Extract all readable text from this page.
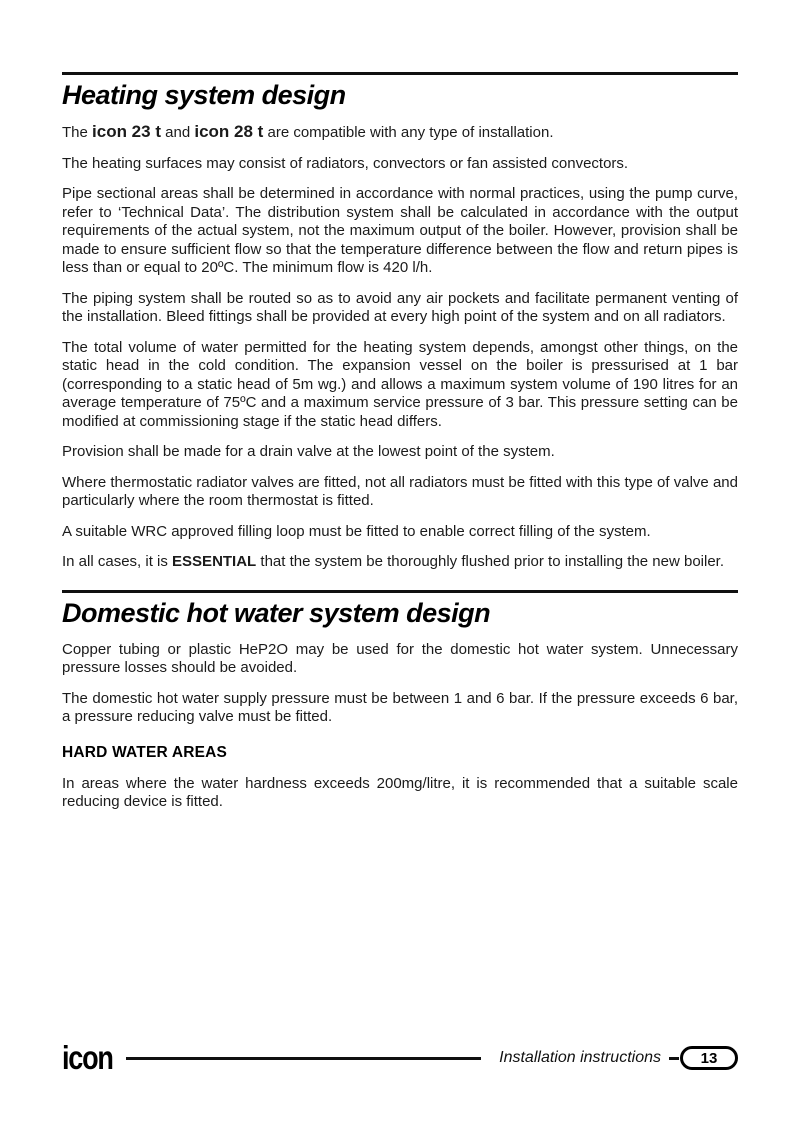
Heating system design

The icon 23 t and icon 28 t are compatible with any type of installation.

The heating surfaces may consist of radiators, convectors or fan assisted convectors.

Pipe sectional areas shall be determined in accordance with normal practices, using the pump curve, refer to ‘Technical Data’. The distribution system shall be calculated in accordance with the output requirements of the actual system, not the maximum output of the boiler. However, provision shall be made to ensure sufficient flow so that the temperature difference between the flow and return pipes is less than or equal to 20ºC. The minimum flow is 420 l/h.

The piping system shall be routed so as to avoid any air pockets and facilitate permanent venting of the installation. Bleed fittings shall be provided at every high point of the system and on all radiators.

The total volume of water permitted for the heating system depends, amongst other things, on the static head in the cold condition. The expansion vessel on the boiler is pressurised at 1 bar (corresponding to a static head of 5m wg.) and allows a maximum system volume of 190 litres for an average temperature of 75ºC and a maximum service pressure of 3 bar. This pressure setting can be modified at commissioning stage if the static head differs.

Provision shall be made for a drain valve at the lowest point of the system.

Where thermostatic radiator valves are fitted, not all radiators must be fitted with this type of valve and particularly where the room thermostat is fitted.

A suitable WRC approved filling loop must be fitted to enable correct filling of the system.

In all cases, it is ESSENTIAL that the system be thoroughly flushed prior to installing the new boiler.

Domestic hot water system design

Copper tubing or plastic HeP2O may be used for the domestic hot water system. Unnecessary pressure losses should be avoided.

The domestic hot water supply pressure must be between 1 and 6 bar. If the pressure exceeds 6 bar, a pressure reducing valve must be fitted.

HARD WATER AREAS

In areas where the water hardness exceeds 200mg/litre, it is recommended that a suitable scale reducing device is fitted.

icon	Installation instructions	13
